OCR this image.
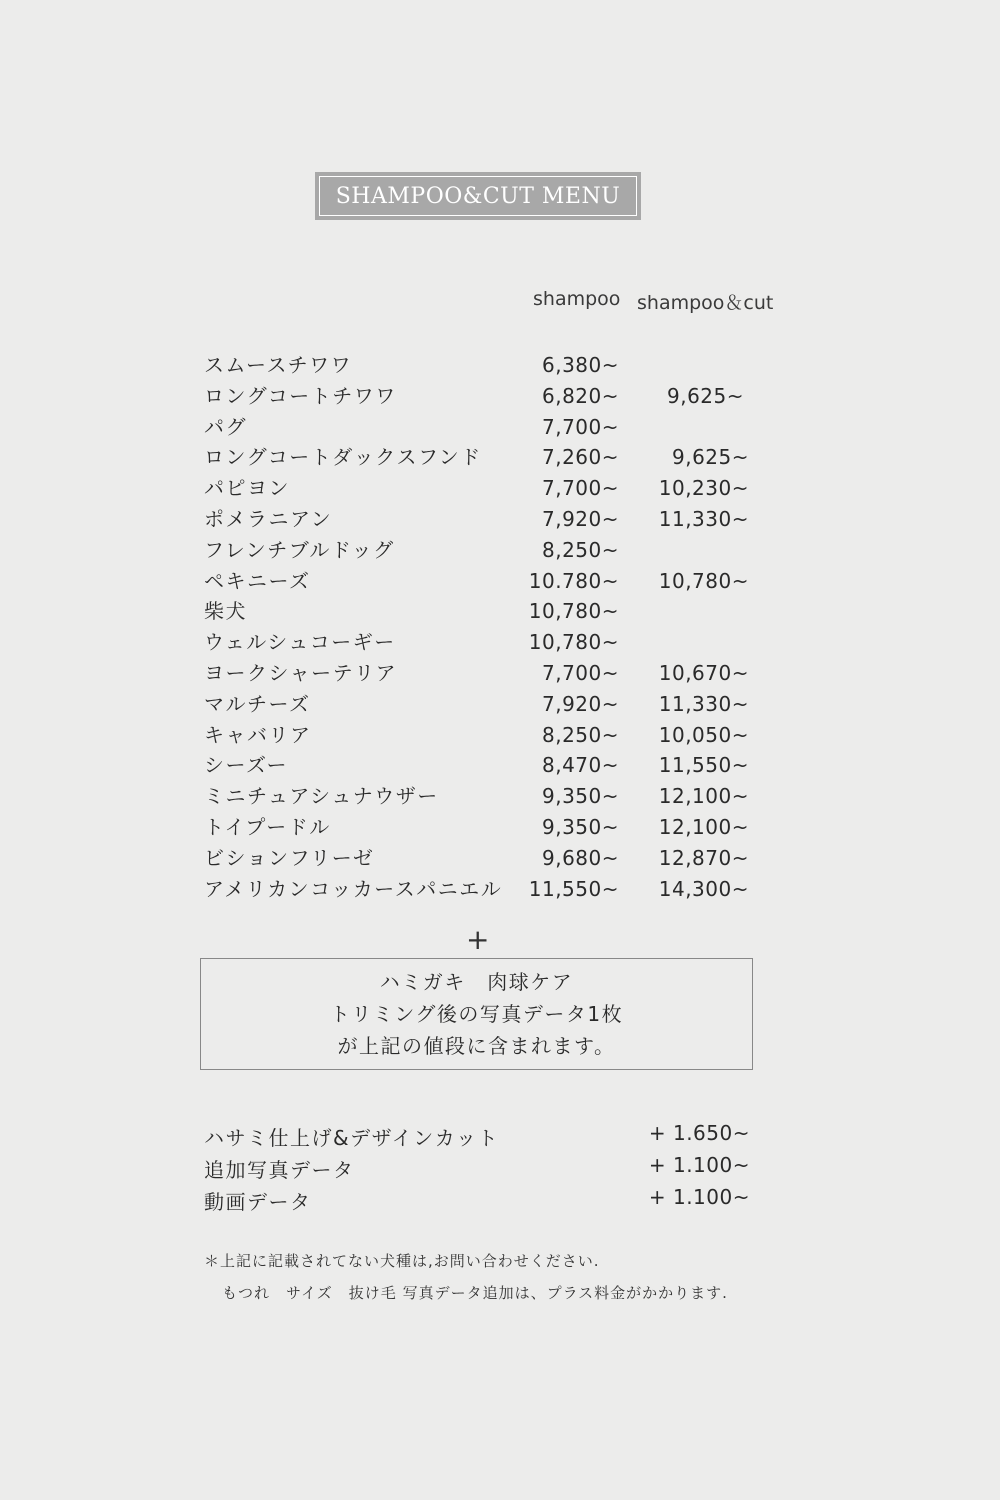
SHAMPOO&CUT MENU
shampoo shampoo＆cut
スムースチワワ	6,380~
ロングコートチワワ	6,820~ 9,625~
パグ	7,700~
ロングコートダックスフンド	7,260~	9,625~
パピヨン	7,700~ 10,230~
ポメラニアン	7,920~ 11,330~
フレンチブルドッグ	8,250~
ペキニーズ	10.780~ 10,780~
柴犬	10,780~
ウェルシュコーギー	10,780~
ヨークシャーテリア	7,700~ 10,670~
マルチーズ	7,920~ 11,330~
キャバリア	8,250~ 10,050~
シーズー	8,470~ 11,550~
ミニチュアシュナウザー	9,350~ 12,100~
トイプードル	9,350~ 12,100~
ビションフリーゼ	9,680~ 12,870~
アメリカンコッカースパニエル 11,550~ 14,300~
+
ハミガキ　肉球ケア
トリミング後の写真データ1枚
が上記の値段に含まれます。
ハサミ仕上げ&デザインカット	+ 1.650~
追加写真データ	+ 1.100~
動画データ	+ 1.100~
＊上記に記載されてない犬種は,お問い合わせください.
もつれ　サイズ　抜け毛 写真データ追加は、プラス料金がかかります.
